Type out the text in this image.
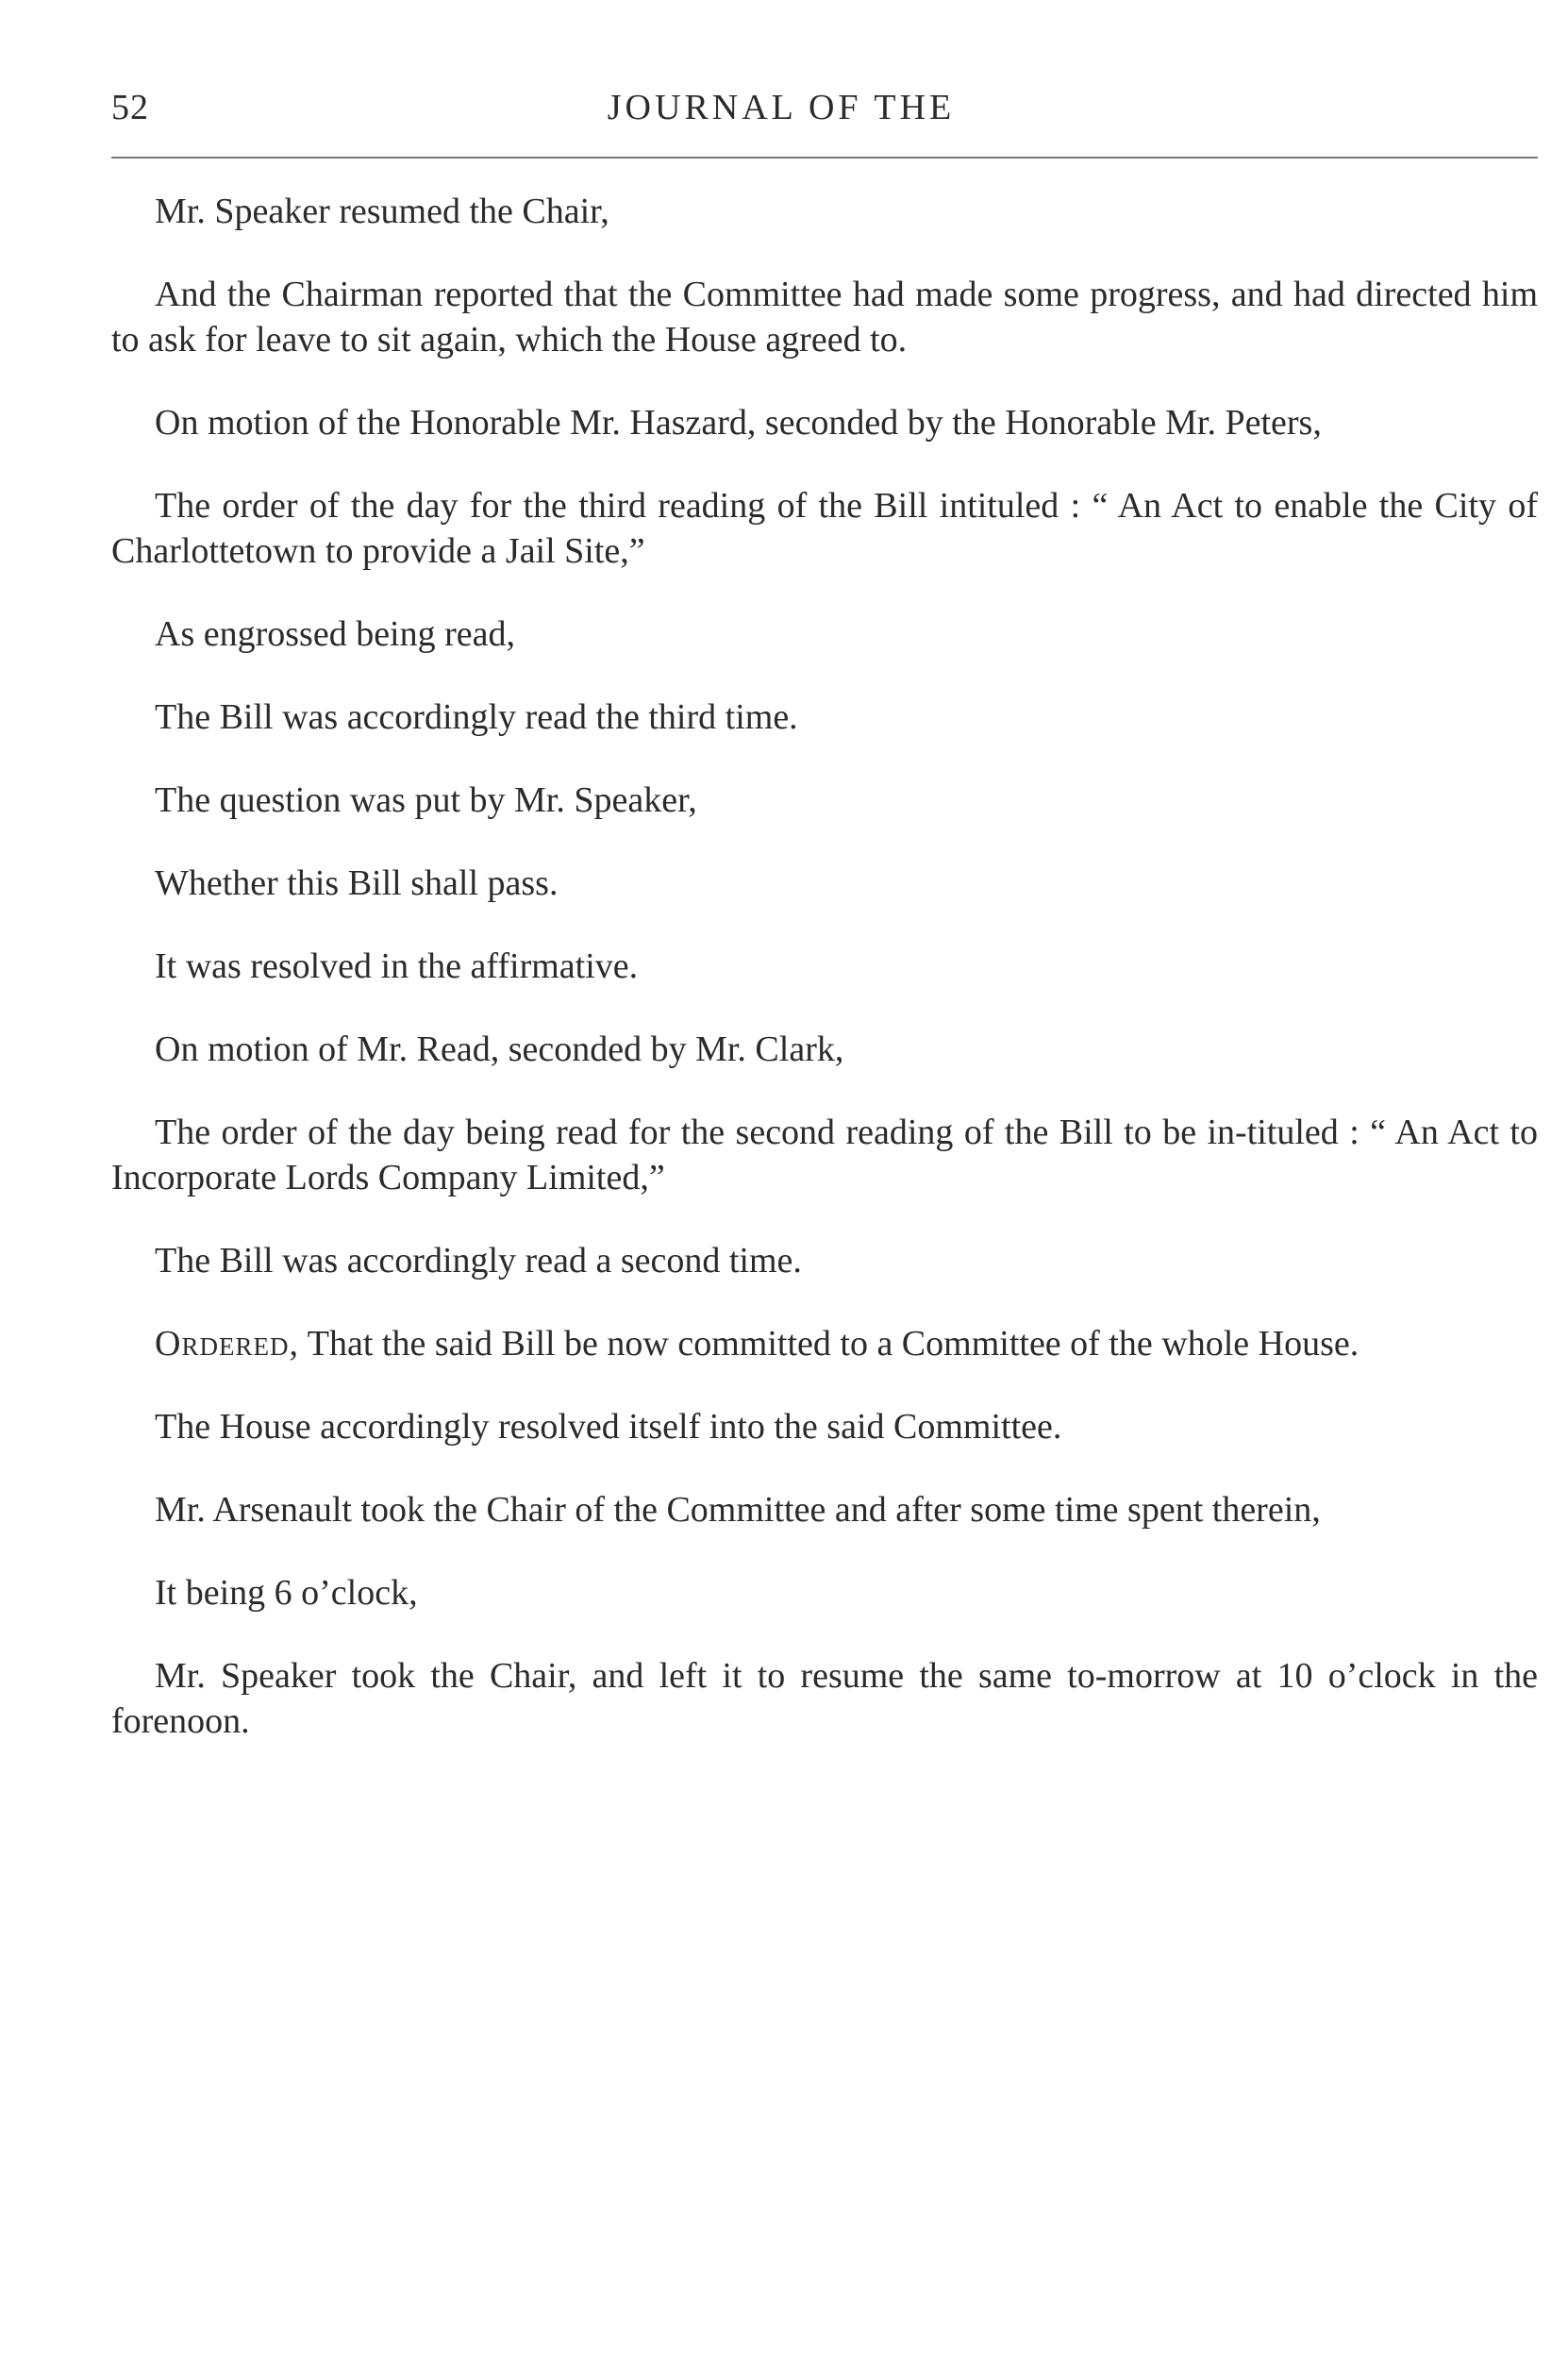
52	JOURNAL OF THE

Mr. Speaker resumed the Chair,

And the Chairman reported that the Committee had made some progress, and had directed him to ask for leave to sit again, which the House agreed to.

On motion of the Honorable Mr. Haszard, seconded by the Honorable Mr. Peters,

The order of the day for the third reading of the Bill intituled : “ An Act to enable the City of Charlottetown to provide a Jail Site,”

As engrossed being read,

The Bill was accordingly read the third time.

The question was put by Mr. Speaker,

Whether this Bill shall pass.

It was resolved in the affirmative.

On motion of Mr. Read, seconded by Mr. Clark,

The order of the day being read for the second reading of the Bill to be in-tituled : “ An Act to Incorporate Lords Company Limited,”

The Bill was accordingly read a second time.

Ordered, That the said Bill be now committed to a Committee of the whole House.

The House accordingly resolved itself into the said Committee.

Mr. Arsenault took the Chair of the Committee and after some time spent therein,

It being 6 o’clock,

Mr. Speaker took the Chair, and left it to resume the same to-morrow at 10 o’clock in the forenoon.
